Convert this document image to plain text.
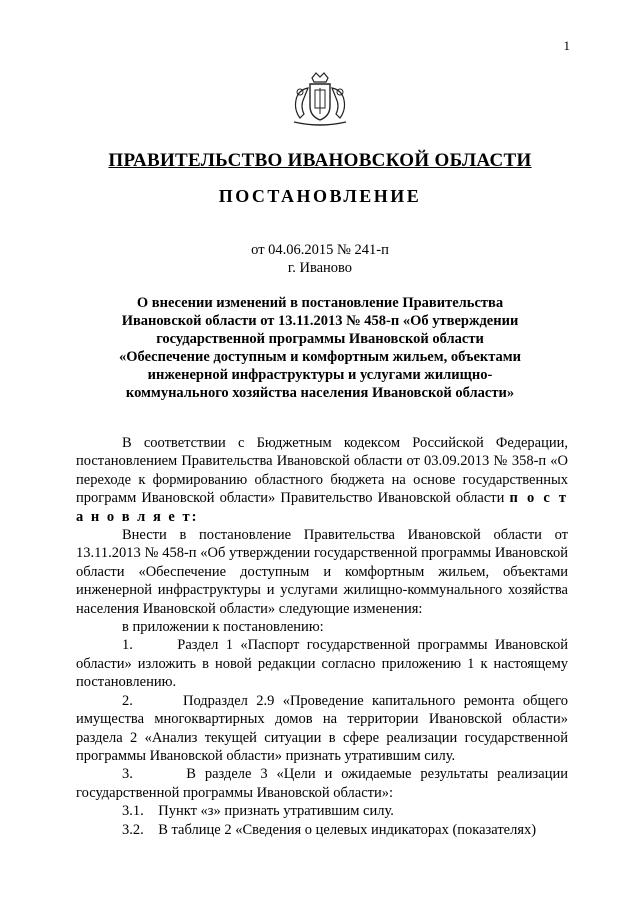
1
ПРАВИТЕЛЬСТВО ИВАНОВСКОЙ ОБЛАСТИ
ПОСТАНОВЛЕНИЕ
от 04.06.2015 № 241-п
г. Иваново
О внесении изменений в постановление Правительства Ивановской области от 13.11.2013 № 458-п «Об утверждении государственной программы Ивановской области «Обеспечение доступным и комфортным жильем, объектами инженерной инфраструктуры и услугами жилищно-коммунального хозяйства населения Ивановской области»

В соответствии с Бюджетным кодексом Российской Федерации, постановлением Правительства Ивановской области от 03.09.2013 № 358-п «О переходе к формированию областного бюджета на основе государственных программ Ивановской области» Правительство Ивановской области п о с т а н о в л я е т:

Внести в постановление Правительства Ивановской области от 13.11.2013 № 458-п «Об утверждении государственной программы Ивановской области «Обеспечение доступным и комфортным жильем, объектами инженерной инфраструктуры и услугами жилищно-коммунального хозяйства населения Ивановской области» следующие изменения:

в приложении к постановлению:

1.      Раздел 1 «Паспорт государственной программы Ивановской области» изложить в новой редакции согласно приложению 1 к настоящему постановлению.

2.      Подраздел 2.9 «Проведение капитального ремонта общего имущества многоквартирных домов на территории Ивановской области» раздела 2 «Анализ текущей ситуации в сфере реализации государственной программы Ивановской области» признать утратившим силу.

3.      В разделе 3 «Цели и ожидаемые результаты реализации государственной программы Ивановской области»:

3.1.    Пункт «з» признать утратившим силу.

3.2.    В таблице 2 «Сведения о целевых индикаторах (показателях)
